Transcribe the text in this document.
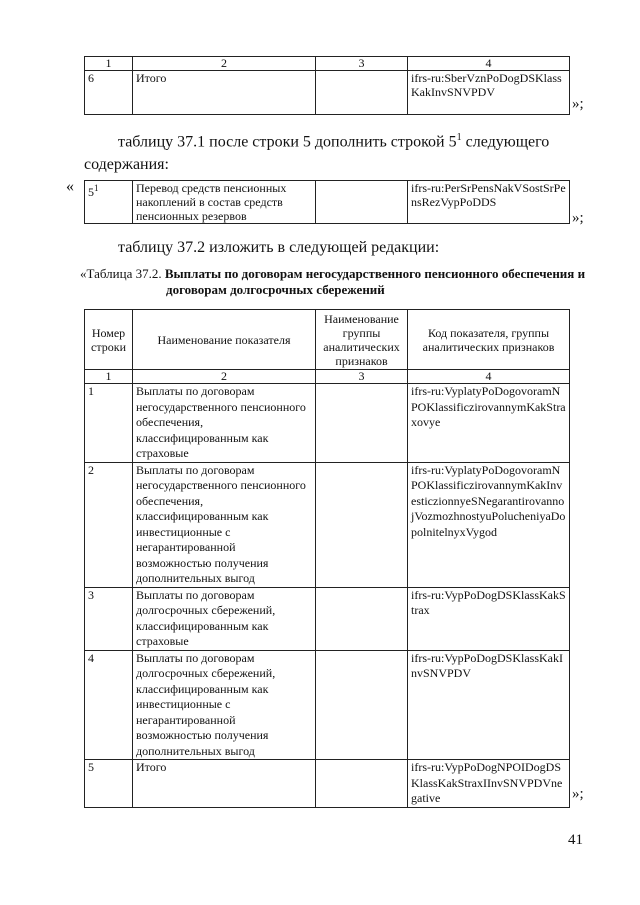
1	2	3	4
6	Итого		ifrs-ru:SberVznPoDogDSKlassKakInvSNVPDV
»;
таблицу 37.1 после строки 5 дополнить строкой $5^1$ следующего
содержания:
« $5^1$	Перевод средств пенсионных накоплений в состав средств пенсионных резервов		ifrs-ru:PerSrPensNakVSostSrPensRezVypPoDDS
»;
таблицу 37.2 изложить в следующей редакции:
«Таблица 37.2. Выплаты по договорам негосударственного пенсионного обеспечения и
договорам долгосрочных сбережений
Номер строки	Наименование показателя	Наименование группы аналитических признаков	Код показателя, группы аналитических признаков
1	2	3	4
1	Выплаты по договорам негосударственного пенсионного обеспечения, классифицированным как страховые		ifrs-ru:VyplatyPoDogovoramNPOKlassificzirovannymKakStraxovye
2	Выплаты по договорам негосударственного пенсионного обеспечения, классифицированным как инвестиционные с негарантированной возможностью получения дополнительных выгод		ifrs-ru:VyplatyPoDogovoramNPOKlassificzirovannymKakInvesticzionnyeSNegarantirovannojVozmozhnostyuPolucheniyaDopolnitelnyxVygod
3	Выплаты по договорам долгосрочных сбережений, классифицированным как страховые		ifrs-ru:VypPoDogDSKlassKakStrax
4	Выплаты по договорам долгосрочных сбережений, классифицированным как инвестиционные с негарантированной возможностью получения дополнительных выгод		ifrs-ru:VypPoDogDSKlassKakInvSNVPDV
5	Итого		ifrs-ru:VypPoDogNPOIDogDSKlassKakStraxIInvSNVPDVnegative	»;
41
